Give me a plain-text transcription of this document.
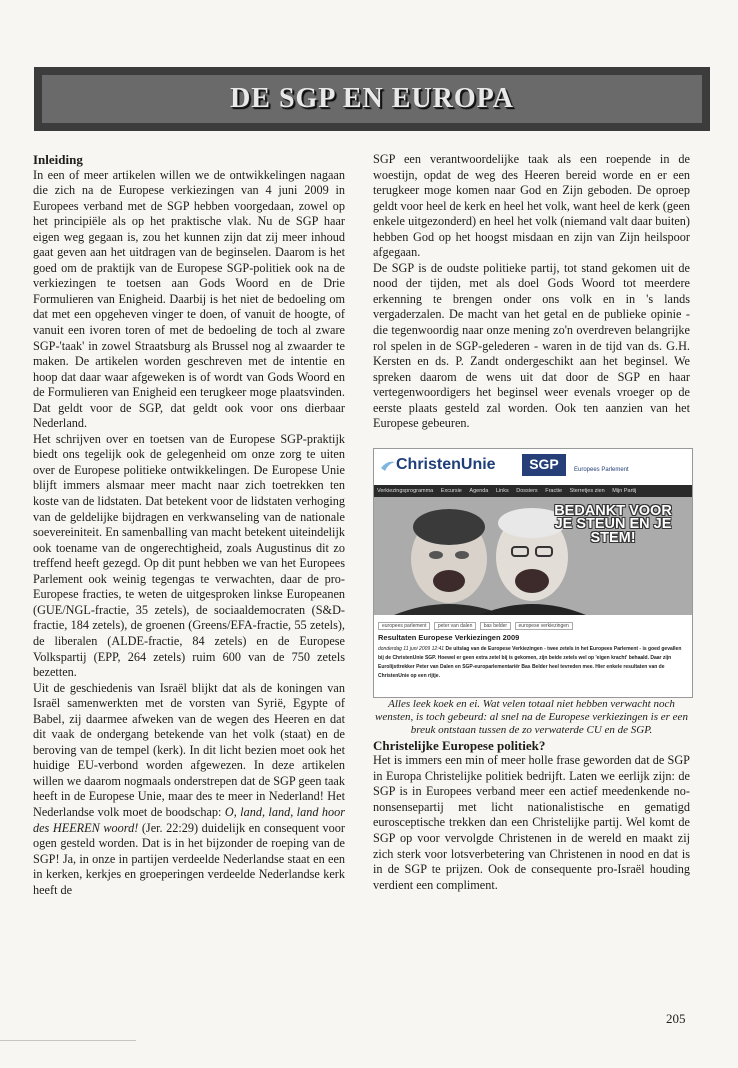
DE SGP EN EUROPA

Inleiding

In een of meer artikelen willen we de ontwikkelingen nagaan die zich na de Europese verkiezingen van 4 juni 2009 in Europees verband met de SGP hebben voorgedaan, zowel op het principiële als op het praktische vlak. Nu de SGP haar eigen weg gegaan is, zou het kunnen zijn dat zij meer inhoud gaat geven aan het uitdragen van de beginselen. Daarom is het goed om de praktijk van de Europese SGP-politiek ook na de verkiezingen te toetsen aan Gods Woord en de Drie Formulieren van Enigheid. Daarbij is het niet de bedoeling om dat met een opgeheven vinger te doen, of vanuit de hoogte, of vanuit een ivoren toren of met de bedoeling de toch al zware SGP-'taak' in zowel Straatsburg als Brussel nog al zwaarder te maken. De artikelen worden geschreven met de intentie en hoop dat daar waar afgeweken is of wordt van Gods Woord en de Formulieren van Enigheid een terugkeer moge plaatsvinden. Dat geldt voor de SGP, dat geldt ook voor ons dierbaar Nederland.

Het schrijven over en toetsen van de Europese SGP-praktijk biedt ons tegelijk ook de gelegenheid om onze zorg te uiten over de Europese politieke ontwikkelingen. De Europese Unie blijft immers alsmaar meer macht naar zich toetrekken ten koste van de lidstaten. Dat betekent voor de lidstaten verhoging van de geldelijke bijdragen en verkwanseling van de nationale soevereiniteit. En samenballing van macht betekent uiteindelijk ook toename van de ongerechtigheid, zoals Augustinus dit zo treffend heeft gezegd. Op dit punt hebben we van het Europees Parlement ook weinig tegengas te verwachten, daar de pro-Europese fracties, te weten de uitgesproken linkse Europeanen (GUE/NGL-fractie, 35 zetels), de sociaaldemocraten (S&D-fractie, 184 zetels), de groenen (Greens/EFA-fractie, 55 zetels), de liberalen (ALDE-fractie, 84 zetels) en de Europese Volkspartij (EPP, 264 zetels) ruim 600 van de 750 zetels bezetten.

Uit de geschiedenis van Israël blijkt dat als de koningen van Israël samenwerkten met de vorsten van Syrië, Egypte of Babel, zij daarmee afweken van de wegen des Heeren en dat dit vaak de ondergang betekende van het volk (staat) en de beroving van de tempel (kerk). In dit licht bezien moet ook het huidige EU-verbond worden afgewezen. In deze artikelen willen we daarom nogmaals onderstrepen dat de SGP geen taak heeft in de Europese Unie, maar des te meer in Nederland! Het Nederlandse volk moet de boodschap: O, land, land, land hoor des HEEREN woord! (Jer. 22:29) duidelijk en consequent voor ogen gesteld worden. Dat is in het bijzonder de roeping van de SGP! Ja, in onze in partijen verdeelde Nederlandse staat en een in kerken, kerkjes en groeperingen verdeelde Nederlandse kerk heeft de

SGP een verantwoordelijke taak als een roepende in de woestijn, opdat de weg des Heeren bereid worde en er een terugkeer moge komen naar God en Zijn geboden. De oproep geldt voor heel de kerk en heel het volk, want heel de kerk (geen enkele uitgezonderd) en heel het volk (niemand valt daar buiten) hebben God op het hoogst misdaan en zijn van Zijn heilspoor afgegaan.

De SGP is de oudste politieke partij, tot stand gekomen uit de nood der tijden, met als doel Gods Woord tot meerdere erkenning te brengen onder ons volk en in 's lands vergaderzalen. De macht van het getal en de publieke opinie - die tegenwoordig naar onze mening zo'n overdreven belangrijke rol spelen in de SGP-gelederen - waren in de tijd van ds. G.H. Kersten en ds. P. Zandt ondergeschikt aan het beginsel. We spreken daarom de wens uit dat door de SGP en haar vertegenwoordigers het beginsel weer evenals vroeger op de eerste plaats gesteld zal worden. Ook ten aanzien van het Europese gebeuren.

ChristenUnie	SGP	Europees Parlement
Verkiezingsprogramma Excursie Agenda Links Dossiers Fractie Sterretjes zien Mijn Partij
BEDANKT VOOR JE STEUN EN JE STEM!
europees parlement peter van dalen bas belder europese verkiezingen
Resultaten Europese Verkiezingen 2009
donderdag 11 juni 2009 12:41 De uitslag van de Europese Verkiezingen - twee zetels in het Europees Parlement - is goed gevallen bij de ChristenUnie SGP. Hoewel er geen extra zetel bij is gekomen, zijn beide zetels wel op 'eigen kracht' behaald. Daar zijn Eurolijsttrekker Peter van Dalen en SGP-europarlementariër Bas Belder heel tevreden mee. Hier enkele resultaten van de ChristenUnie op een rijtje.

Alles leek koek en ei. Wat velen totaal niet hebben verwacht noch wensten, is toch gebeurd: al snel na de Europese verkiezingen is er een breuk ontstaan tussen de zo verwaterde CU en de SGP.

Christelijke Europese politiek?

Het is immers een min of meer holle frase geworden dat de SGP in Europa Christelijke politiek bedrijft. Laten we eerlijk zijn: de SGP is in Europees verband meer een actief meedenkende no-nonsensepartij met licht nationalistische en gematigd eurosceptische trekken dan een Christelijke partij. Wel komt de SGP op voor vervolgde Christenen in de wereld en maakt zij zich sterk voor lotsverbetering van Christenen in nood en dat is in de SGP te prijzen. Ook de consequente pro-Israël houding verdient een compliment.

205
